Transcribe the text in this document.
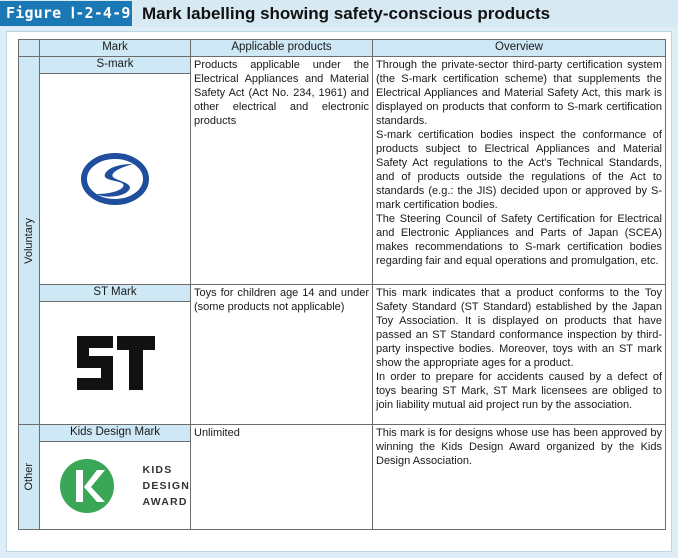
Figure Ⅰ-2-4-9 Mark labelling showing safety-conscious products
	Mark	Applicable products	Overview

Voluntary	S-mark	Products applicable under the Electrical Appliances and Material Safety Act (Act No. 234, 1961) and other electrical and electronic products	Through the private-sector third-party certification system (the S-mark certification scheme) that supplements the Electrical Appliances and Material Safety Act, this mark is displayed on products that conform to S-mark certification standards.

S-mark certification bodies inspect the conformance of products subject to Electrical Appliances and Material Safety Act regulations to the Act's Technical Standards, and of products outside the regulations of the Act to standards (e.g.: the JIS) decided upon or approved by S-mark certification bodies.

The Steering Council of Safety Certification for Electrical and Electronic Appliances and Parts of Japan (SCEA) makes recommendations to S-mark certification bodies regarding fair and equal operations and promulgation, etc.

	ST Mark	Toys for children age 14 and under (some products not applicable)	This mark indicates that a product conforms to the Toy Safety Standard (ST Standard) established by the Japan Toy Association. It is displayed on products that have passed an ST Standard conformance inspection by third-party inspective bodies. Moreover, toys with an ST mark show the appropriate ages for a product.

In order to prepare for accidents caused by a defect of toys bearing ST Mark, ST Mark licensees are obliged to join liability mutual aid project run by the association.

Other	Kids Design Mark	Unlimited	This mark is for designs whose use has been approved by winning the Kids Design Award organized by the Kids Design Association.

	KIDS
DESIGN
AWARD		
